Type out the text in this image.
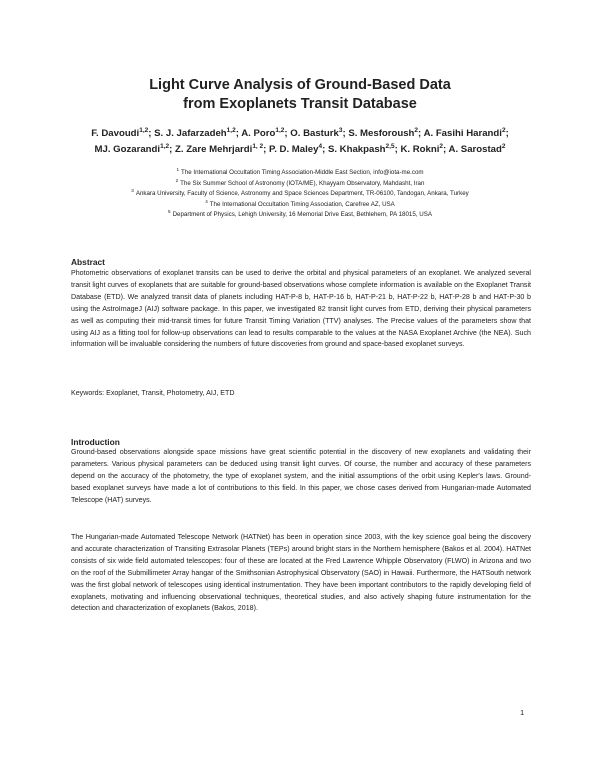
Light Curve Analysis of Ground-Based Data
from Exoplanets Transit Database
F. Davoudi$^{1,2}$; S. J. Jafarzadeh$^{1,2}$; A. Poro$^{1,2}$; O. Basturk$^3$; S. Mesforoush$^2$; A. Fasihi Harandi$^2$;
MJ. Gozarandi$^{1,2}$; Z. Zare Mehrjardi$^{1, 2}$; P. D. Maley$^4$; S. Khakpash$^{2,5}$; K. Rokni$^2$; A. Sarostad$^2$
$^1$ The International Occultation Timing Association-Middle East Section, info@iota-me.com
$^2$ The Six Summer School of Astronomy (IOTA/ME), Khayyam Observatory, Mahdasht, Iran
$^3$ Ankara University, Faculty of Science, Astronomy and Space Sciences Department, TR-06100, Tandogan, Ankara, Turkey
$^4$ The International Occultation Timing Association, Carefree AZ, USA
$^5$ Department of Physics, Lehigh University, 16 Memorial Drive East, Bethlehem, PA 18015, USA
Abstract

Photometric observations of exoplanet transits can be used to derive the orbital and physical parameters of an exoplanet. We analyzed several transit light curves of exoplanets that are suitable for ground-based observations whose complete information is available on the Exoplanet Transit Database (ETD). We analyzed transit data of planets including HAT-P-8 b, HAT-P-16 b, HAT-P-21 b, HAT-P-22 b, HAT-P-28 b and HAT-P-30 b using the AstroImageJ (AIJ) software package. In this paper, we investigated 82 transit light curves from ETD, deriving their physical parameters as well as computing their mid-transit times for future Transit Timing Variation (TTV) analyses. The Precise values of the parameters show that using AIJ as a fitting tool for follow-up observations can lead to results comparable to the values at the NASA Exoplanet Archive (the NEA). Such information will be invaluable considering the numbers of future discoveries from ground and space-based exoplanet surveys.

Keywords: Exoplanet, Transit, Photometry, AIJ, ETD
Introduction

Ground-based observations alongside space missions have great scientific potential in the discovery of new exoplanets and validating their parameters. Various physical parameters can be deduced using transit light curves. Of course, the number and accuracy of these parameters depend on the accuracy of the photometry, the type of exoplanet system, and the initial assumptions of the orbit using Kepler's laws. Ground-based exoplanet surveys have made a lot of contributions to this field. In this paper, we chose cases derived from Hungarian-made Automated Telescope (HAT) surveys.

The Hungarian-made Automated Telescope Network (HATNet) has been in operation since 2003, with the key science goal being the discovery and accurate characterization of Transiting Extrasolar Planets (TEPs) around bright stars in the Northern hemisphere (Bakos et al. 2004). HATNet consists of six wide field automated telescopes: four of these are located at the Fred Lawrence Whipple Observatory (FLWO) in Arizona and two on the roof of the Submillimeter Array hangar of the Smithsonian Astrophysical Observatory (SAO) in Hawaii. Furthermore, the HATSouth network was the first global network of telescopes using identical instrumentation. They have been important contributors to the rapidly developing field of exoplanets, motivating and influencing observational techniques, theoretical studies, and also actively shaping future instrumentation for the detection and characterization of exoplanets (Bakos, 2018).

1
